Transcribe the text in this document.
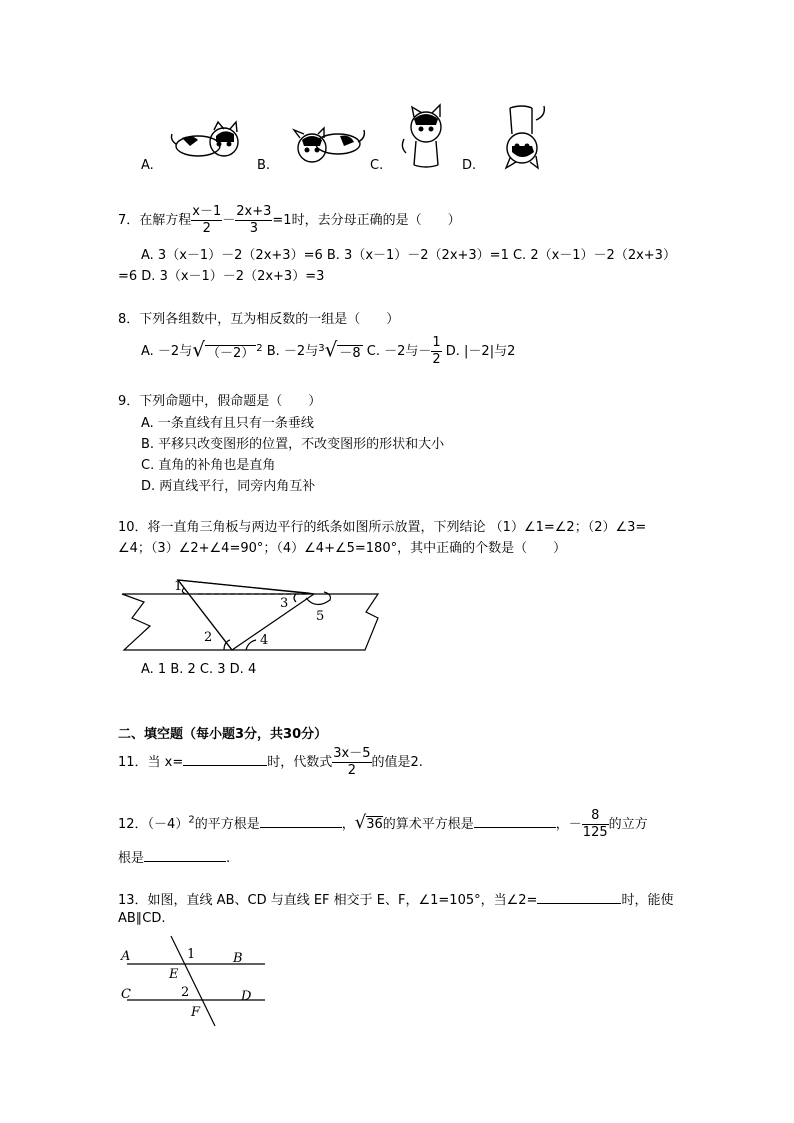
A.	B.	C.	D.
7．在解方程 $\frac{x-1}{2} - \frac{2x+3}{3} =1$时，去分母正确的是（　　）
A. 3（x－1）－2（2x+3）=6 B. 3（x－1）－2（2x+3）=1 C. 2（x－1）－2（2x+3）
=6 D. 3（x－1）－2（2x+3）=3
8．下列各组数中，互为相反数的一组是（　　）
A. －2与√ （－2） $^2$ B. －2与$^3$√ －8 C. －2与－ $\frac{1}{2} D$. |－2|与2
9．下列命题中，假命题是（　　）
A. 一条直线有且只有一条垂线
B. 平移只改变图形的位置，不改变图形的形状和大小
C. 直角的补角也是直角
D. 两直线平行，同旁内角互补
10．将一直角三角板与两边平行的纸条如图所示放置，下列结论 （1）∠1=∠2；（2）∠3=
∠4；（3）∠2+∠4=90°；（4）∠4+∠5=180°，其中正确的个数是（　　）
1
2
3
4
5
A. 1 B. 2 C. 3 D. 4
二、填空题（每小题3分，共30分）
11．当 x=	时，代数式 $\frac{3x-5}{2}$ 的值是2.
12．$(-4)^2$的平方根是	，√36的算术平方根是	，－ $\frac{8}{125}$ 的立方
根是	.
13．如图，直线 AB、CD 与直线 EF 相交于 E、F，∠1=105°，当∠2=	时，能使
AB∥CD.
A	B
C	D
E
F
1
2
